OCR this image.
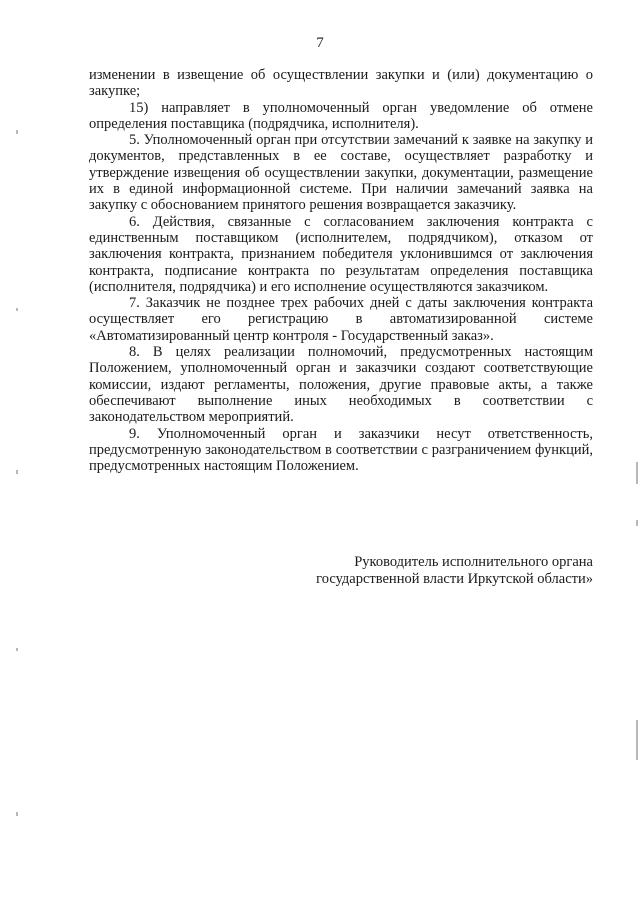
7

изменении в извещение об осуществлении закупки и (или) документацию о закупке;

15) направляет в уполномоченный орган уведомление об отмене определения поставщика (подрядчика, исполнителя).

5. Уполномоченный орган при отсутствии замечаний к заявке на закупку и документов, представленных в ее составе, осуществляет разработку и утверждение извещения об осуществлении закупки, документации, размещение их в единой информационной системе. При наличии замечаний заявка на закупку с обоснованием принятого решения возвращается заказчику.

6. Действия, связанные с согласованием заключения контракта с единственным поставщиком (исполнителем, подрядчиком), отказом от заключения контракта, признанием победителя уклонившимся от заключения контракта, подписание контракта по результатам определения поставщика (исполнителя, подрядчика) и его исполнение осуществляются заказчиком.

7. Заказчик не позднее трех рабочих дней с даты заключения контракта осуществляет его регистрацию в автоматизированной системе «Автоматизированный центр контроля - Государственный заказ».

8. В целях реализации полномочий, предусмотренных настоящим Положением, уполномоченный орган и заказчики создают соответствующие комиссии, издают регламенты, положения, другие правовые акты, а также обеспечивают выполнение иных необходимых в соответствии с законодательством мероприятий.

9. Уполномоченный орган и заказчики несут ответственность, предусмотренную законодательством в соответствии с разграничением функций, предусмотренных настоящим Положением.

Руководитель исполнительного органа
государственной власти Иркутской области»
